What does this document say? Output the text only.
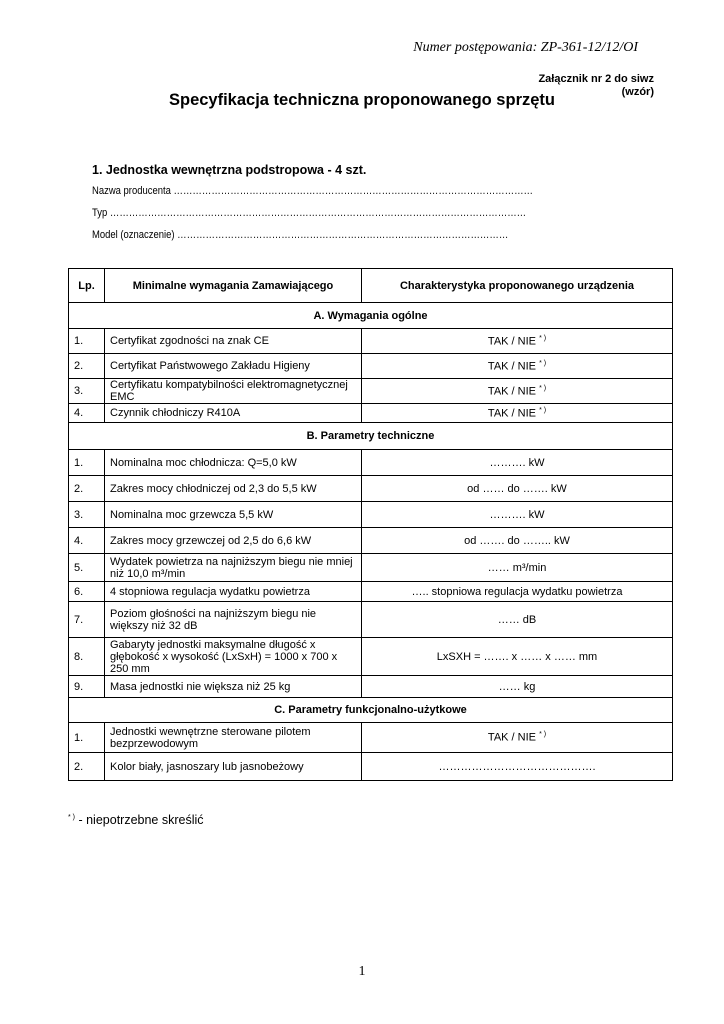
Numer postępowania: ZP-361-12/12/OI
Załącznik nr 2 do siwz
(wzór)
Specyfikacja techniczna proponowanego sprzętu
1. Jednostka wewnętrzna podstropowa - 4 szt.
Nazwa producenta ……………………………………………………………………………………………………
Typ ……………………………………………………………………………………………………………………
Model (oznaczenie) ……………………………………………………………………………………………
Lp.	Minimalne wymagania Zamawiającego	Charakterystyka proponowanego urządzenia
A. Wymagania ogólne		
1.	Certyfikat zgodności na znak CE	TAK / NIE * )
2.	Certyfikat Państwowego Zakładu Higieny	TAK / NIE * )
3.	Certyfikatu kompatybilności elektromagnetycznej EMC	TAK / NIE * )
4.	Czynnik chłodniczy R410A	TAK / NIE * )
B. Parametry techniczne		
1.	Nominalna moc chłodnicza: Q=5,0 kW	………. kW
2.	Zakres mocy chłodniczej od 2,3 do 5,5 kW	od …… do ……. kW
3.	Nominalna moc grzewcza 5,5 kW	………. kW
4.	Zakres mocy grzewczej od 2,5 do 6,6 kW	od ……. do …….. kW
5.	Wydatek powietrza na najniższym biegu nie mniej niż 10,0 m³/min	…… m³/min
6.	4 stopniowa regulacja wydatku powietrza	….. stopniowa regulacja wydatku powietrza
7.	Poziom głośności na najniższym biegu nie większy niż 32 dB	…… dB
8.	Gabaryty jednostki maksymalne długość x głębokość x wysokość (LxSxH) = 1000 x 700 x 250 mm	LxSXH = ……. x …… x …… mm
9.	Masa jednostki nie większa niż 25 kg	…… kg
C. Parametry funkcjonalno-użytkowe		
1.	Jednostki wewnętrzne sterowane pilotem bezprzewodowym	TAK / NIE * )
2.	Kolor biały, jasnoszary lub jasnobeżowy	…………………………………….
* ) - niepotrzebne skreślić
1
